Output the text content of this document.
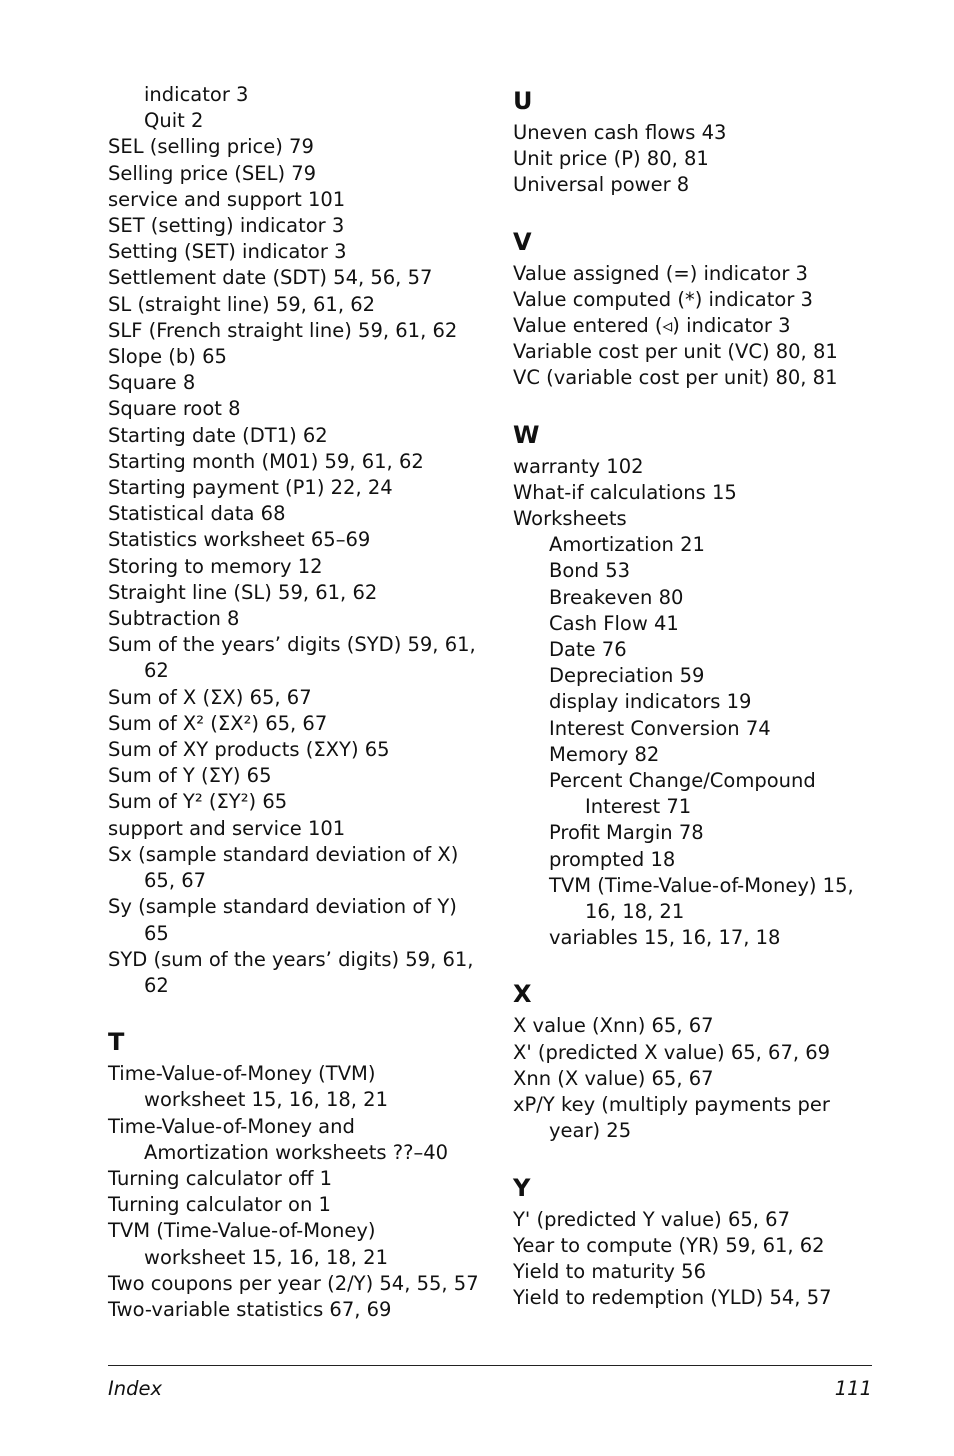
indicator 3
Quit 2
SEL (selling price) 79
Selling price (SEL) 79
service and support 101
SET (setting) indicator 3
Setting (SET) indicator 3
Settlement date (SDT) 54, 56, 57
SL (straight line) 59, 61, 62
SLF (French straight line) 59, 61, 62
Slope (b) 65
Square 8
Square root 8
Starting date (DT1) 62
Starting month (M01) 59, 61, 62
Starting payment (P1) 22, 24
Statistical data 68
Statistics worksheet 65–69
Storing to memory 12
Straight line (SL) 59, 61, 62
Subtraction 8
Sum of the years’ digits (SYD) 59, 61,
62
Sum of X (ΣX) 65, 67
Sum of X² (ΣX²) 65, 67
Sum of XY products (ΣXY) 65
Sum of Y (ΣY) 65
Sum of Y² (ΣY²) 65
support and service 101
Sx (sample standard deviation of X)
65, 67
Sy (sample standard deviation of Y)
65
SYD (sum of the years’ digits) 59, 61,
62
T
Time-Value-of-Money (TVM)
worksheet 15, 16, 18, 21
Time-Value-of-Money and
Amortization worksheets ??–40
Turning calculator off 1
Turning calculator on 1
TVM (Time-Value-of-Money)
worksheet 15, 16, 18, 21
Two coupons per year (2/Y) 54, 55, 57
Two-variable statistics 67, 69
U
Uneven cash flows 43
Unit price (P) 80, 81
Universal power 8
V
Value assigned (=) indicator 3
Value computed (*) indicator 3
Value entered (◃) indicator 3
Variable cost per unit (VC) 80, 81
VC (variable cost per unit) 80, 81
W
warranty 102
What-if calculations 15
Worksheets
Amortization 21
Bond 53
Breakeven 80
Cash Flow 41
Date 76
Depreciation 59
display indicators 19
Interest Conversion 74
Memory 82
Percent Change/Compound
Interest 71
Profit Margin 78
prompted 18
TVM (Time-Value-of-Money) 15,
16, 18, 21
variables 15, 16, 17, 18
X
X value (Xnn) 65, 67
X' (predicted X value) 65, 67, 69
Xnn (X value) 65, 67
xP/Y key (multiply payments per
year) 25
Y
Y' (predicted Y value) 65, 67
Year to compute (YR) 59, 61, 62
Yield to maturity 56
Yield to redemption (YLD) 54, 57
Index	111
